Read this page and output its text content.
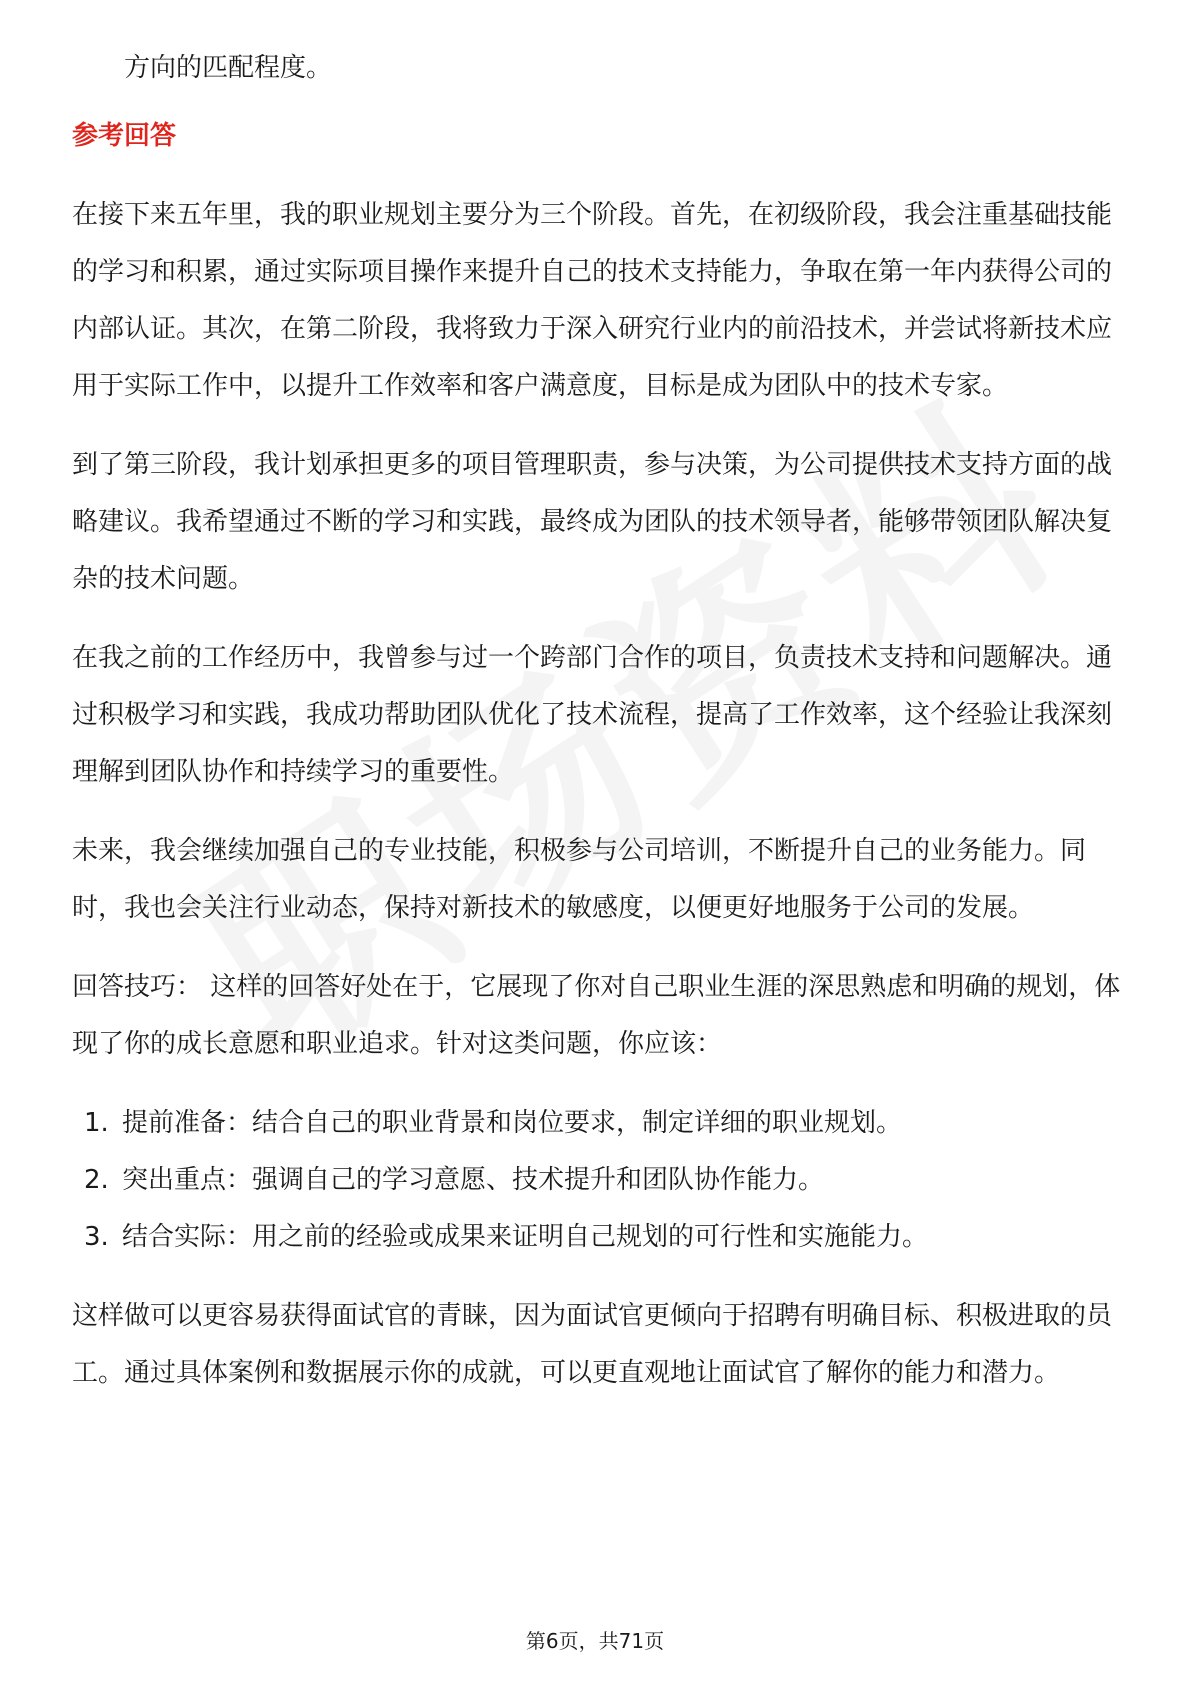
方向的匹配程度。

参考回答

在接下来五年里，我的职业规划主要分为三个阶段。首先，在初级阶段，我会注重基础技能的学习和积累，通过实际项目操作来提升自己的技术支持能力，争取在第一年内获得公司的内部认证。其次，在第二阶段，我将致力于深入研究行业内的前沿技术，并尝试将新技术应用于实际工作中，以提升工作效率和客户满意度，目标是成为团队中的技术专家。

到了第三阶段，我计划承担更多的项目管理职责，参与决策，为公司提供技术支持方面的战略建议。我希望通过不断的学习和实践，最终成为团队的技术领导者，能够带领团队解决复杂的技术问题。

在我之前的工作经历中，我曾参与过一个跨部门合作的项目，负责技术支持和问题解决。通过积极学习和实践，我成功帮助团队优化了技术流程，提高了工作效率，这个经验让我深刻理解到团队协作和持续学习的重要性。

未来，我会继续加强自己的专业技能，积极参与公司培训，不断提升自己的业务能力。同时，我也会关注行业动态，保持对新技术的敏感度，以便更好地服务于公司的发展。

回答技巧： 这样的回答好处在于，它展现了你对自己职业生涯的深思熟虑和明确的规划，体现了你的成长意愿和职业追求。针对这类问题，你应该：

1. 提前准备：结合自己的职业背景和岗位要求，制定详细的职业规划。
2. 突出重点：强调自己的学习意愿、技术提升和团队协作能力。
3. 结合实际：用之前的经验或成果来证明自己规划的可行性和实施能力。

这样做可以更容易获得面试官的青睐，因为面试官更倾向于招聘有明确目标、积极进取的员工。通过具体案例和数据展示你的成就，可以更直观地让面试官了解你的能力和潜力。

第6页，共71页
